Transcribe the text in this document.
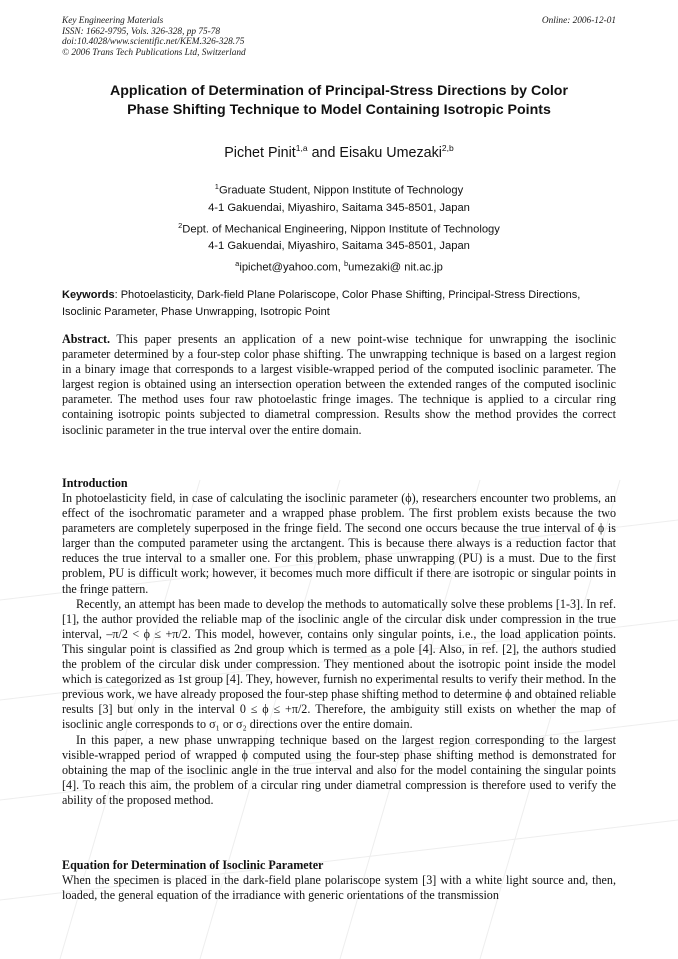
Key Engineering Materials
ISSN: 1662-9795, Vols. 326-328, pp 75-78
doi:10.4028/www.scientific.net/KEM.326-328.75
© 2006 Trans Tech Publications Ltd, Switzerland
Online: 2006-12-01
Application of Determination of Principal-Stress Directions by Color
Phase Shifting Technique to Model Containing Isotropic Points
Pichet Pinit$^{1,a}$ and Eisaku Umezaki$^{2,b}$
$^1$Graduate Student, Nippon Institute of Technology
4-1 Gakuendai, Miyashiro, Saitama 345-8501, Japan
$^2$Dept. of Mechanical Engineering, Nippon Institute of Technology
4-1 Gakuendai, Miyashiro, Saitama 345-8501, Japan
$^a$ipichet@yahoo.com, $^b$umezaki@ nit.ac.jp
Keywords: Photoelasticity, Dark-field Plane Polariscope, Color Phase Shifting, Principal-Stress Directions, Isoclinic Parameter, Phase Unwrapping, Isotropic Point
Abstract. This paper presents an application of a new point-wise technique for unwrapping the isoclinic parameter determined by a four-step color phase shifting. The unwrapping technique is based on a largest region in a binary image that corresponds to a largest visible-wrapped period of the computed isoclinic parameter. The largest region is obtained using an intersection operation between the extended ranges of the computed isoclinic parameter. The method uses four raw photoelastic fringe images. The technique is applied to a circular ring containing isotropic points subjected to diametral compression. Results show the method provides the correct isoclinic parameter in the true interval over the entire domain.
Introduction

In photoelasticity field, in case of calculating the isoclinic parameter (ϕ), researchers encounter two problems, an effect of the isochromatic parameter and a wrapped phase problem. The first problem exists because the two parameters are completely superposed in the fringe field. The second one occurs because the true interval of ϕ is larger than the computed parameter using the arctangent. This is because there always is a reduction factor that reduces the true interval to a smaller one. For this problem, phase unwrapping (PU) is a must. Due to the first problem, PU is difficult work; however, it becomes much more difficult if there are isotropic or singular points in the fringe pattern.

Recently, an attempt has been made to develop the methods to automatically solve these problems [1-3]. In ref. [1], the author provided the reliable map of the isoclinic angle of the circular disk under compression in the true interval, –π/2 < ϕ ≤ +π/2. This model, however, contains only singular points, i.e., the load application points. This singular point is classified as 2nd group which is termed as a pole [4]. Also, in ref. [2], the authors studied the problem of the circular disk under compression. They mentioned about the isotropic point inside the model which is categorized as 1st group [4]. They, however, furnish no experimental results to verify their method. In the previous work, we have already proposed the four-step phase shifting method to determine ϕ and obtained reliable results [3] but only in the interval 0 ≤ ϕ ≤ +π/2. Therefore, the ambiguity still exists on whether the map of isoclinic angle corresponds to σ₁ or σ₂ directions over the entire domain.

In this paper, a new phase unwrapping technique based on the largest region corresponding to the largest visible-wrapped period of wrapped ϕ computed using the four-step phase shifting method is demonstrated for obtaining the map of the isoclinic angle in the true interval and also for the model containing the singular points [4]. To reach this aim, the problem of a circular ring under diametral compression is therefore used to verify the ability of the proposed method.

Equation for Determination of Isoclinic Parameter

When the specimen is placed in the dark-field plane polariscope system [3] with a white light source and, then, loaded, the general equation of the irradiance with generic orientations of the transmission
